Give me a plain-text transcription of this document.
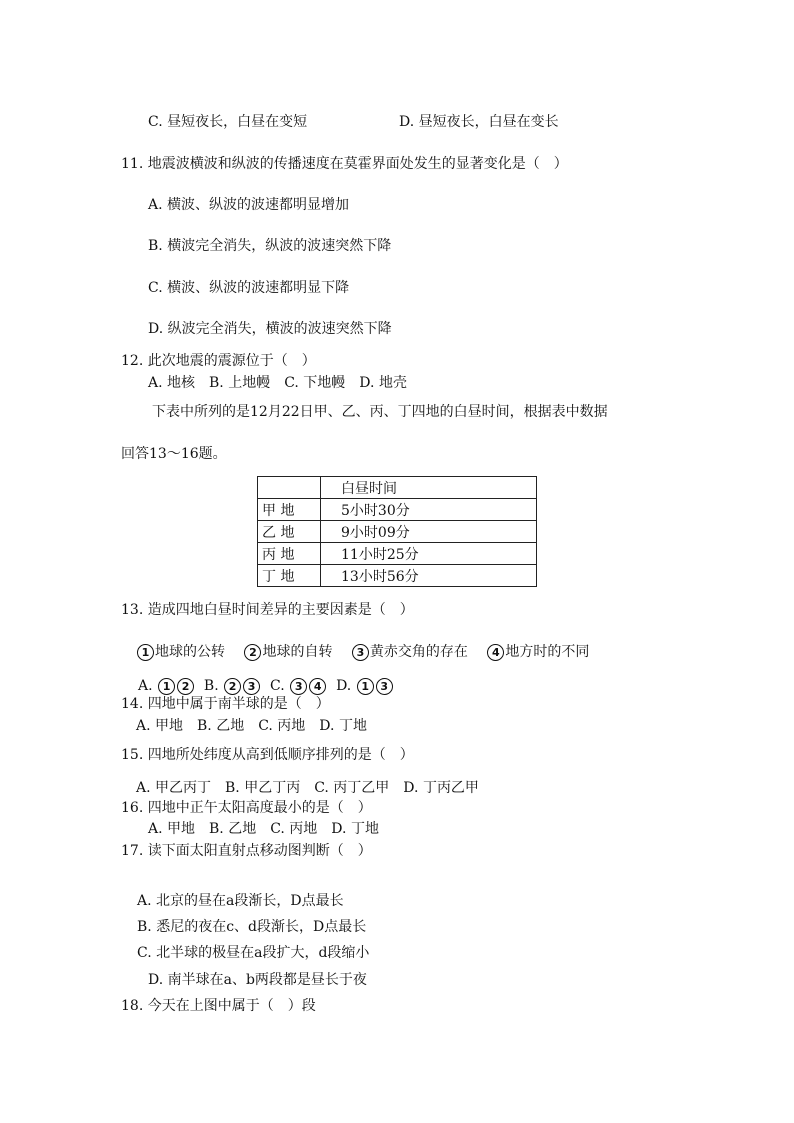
C. 昼短夜长，白昼在变短	D. 昼短夜长，白昼在变长
11. 地震波横波和纵波的传播速度在莫霍界面处发生的显著变化是（　）
A. 横波、纵波的波速都明显增加
B. 横波完全消失，纵波的波速突然下降
C. 横波、纵波的波速都明显下降
D. 纵波完全消失，横波的波速突然下降
12. 此次地震的震源位于（　）
A. 地核　B. 上地幔　C. 下地幔　D. 地壳
下表中所列的是12月22日甲、乙、丙、丁四地的白昼时间，根据表中数据
回答13～16题。
	白昼时间
甲 地	5小时30分
乙 地	9小时09分
丙 地	11小时25分
丁 地	13小时56分
13. 造成四地白昼时间差异的主要因素是（　）
1 地球的公转　 2 地球的自转　 3 黄赤交角的存在　 4 地方时的不同
A. 1 2 B. 2 3 C. 3 4 D. 1 3
14. 四地中属于南半球的是（　）
A. 甲地　B. 乙地　C. 丙地　D. 丁地
15. 四地所处纬度从高到低顺序排列的是（　）
A. 甲乙丙丁　B. 甲乙丁丙　C. 丙丁乙甲　D. 丁丙乙甲
16. 四地中正午太阳高度最小的是（　）
A. 甲地　B. 乙地　C. 丙地　D. 丁地
17. 读下面太阳直射点移动图判断（　）
A. 北京的昼在a段渐长，D点最长
B. 悉尼的夜在c、d段渐长，D点最长
C. 北半球的极昼在a段扩大，d段缩小
D. 南半球在a、b两段都是昼长于夜
18. 今天在上图中属于（　）段
